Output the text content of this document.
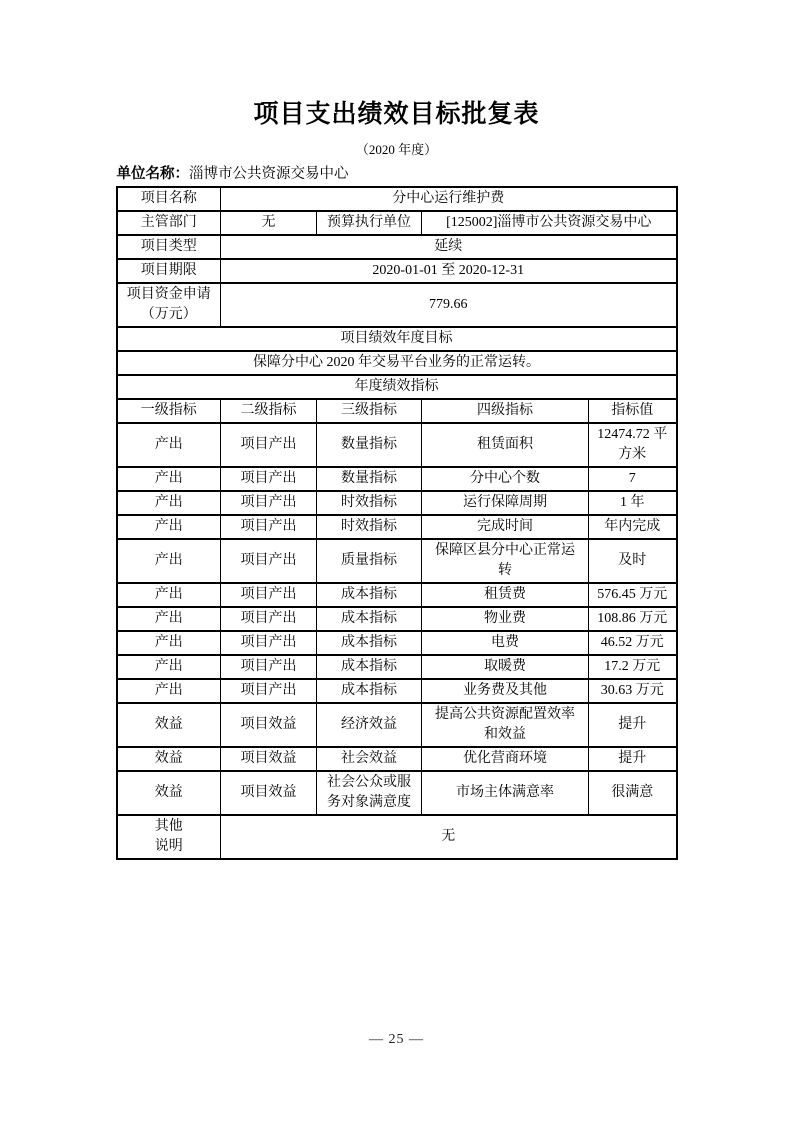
项目支出绩效目标批复表
（2020 年度）
单位名称：淄博市公共资源交易中心
项目名称	分中心运行维护费			
主管部门	无	预算执行单位	[125002]淄博市公共资源交易中心	
项目类型	延续			
项目期限	2020-01-01 至 2020-12-31			

项目资金申请
（万元）	779.66			
项目绩效年度目标				
保障分中心 2020 年交易平台业务的正常运转。				
年度绩效指标				
一级指标	二级指标	三级指标	四级指标	指标值
产出	项目产出	数量指标	租赁面积	12474.72 平方米
产出	项目产出	数量指标	分中心个数	7
产出	项目产出	时效指标	运行保障周期	1 年
产出	项目产出	时效指标	完成时间	年内完成
产出	项目产出	质量指标	保障区县分中心正常运转	及时
产出	项目产出	成本指标	租赁费	576.45 万元
产出	项目产出	成本指标	物业费	108.86 万元
产出	项目产出	成本指标	电费	46.52 万元
产出	项目产出	成本指标	取暖费	17.2 万元
产出	项目产出	成本指标	业务费及其他	30.63 万元
效益	项目效益	经济效益	提高公共资源配置效率和效益	提升
效益	项目效益	社会效益	优化营商环境	提升
效益	项目效益	社会公众或服务对象满意度	市场主体满意率	很满意

其他
说明	无			
— 25 —
